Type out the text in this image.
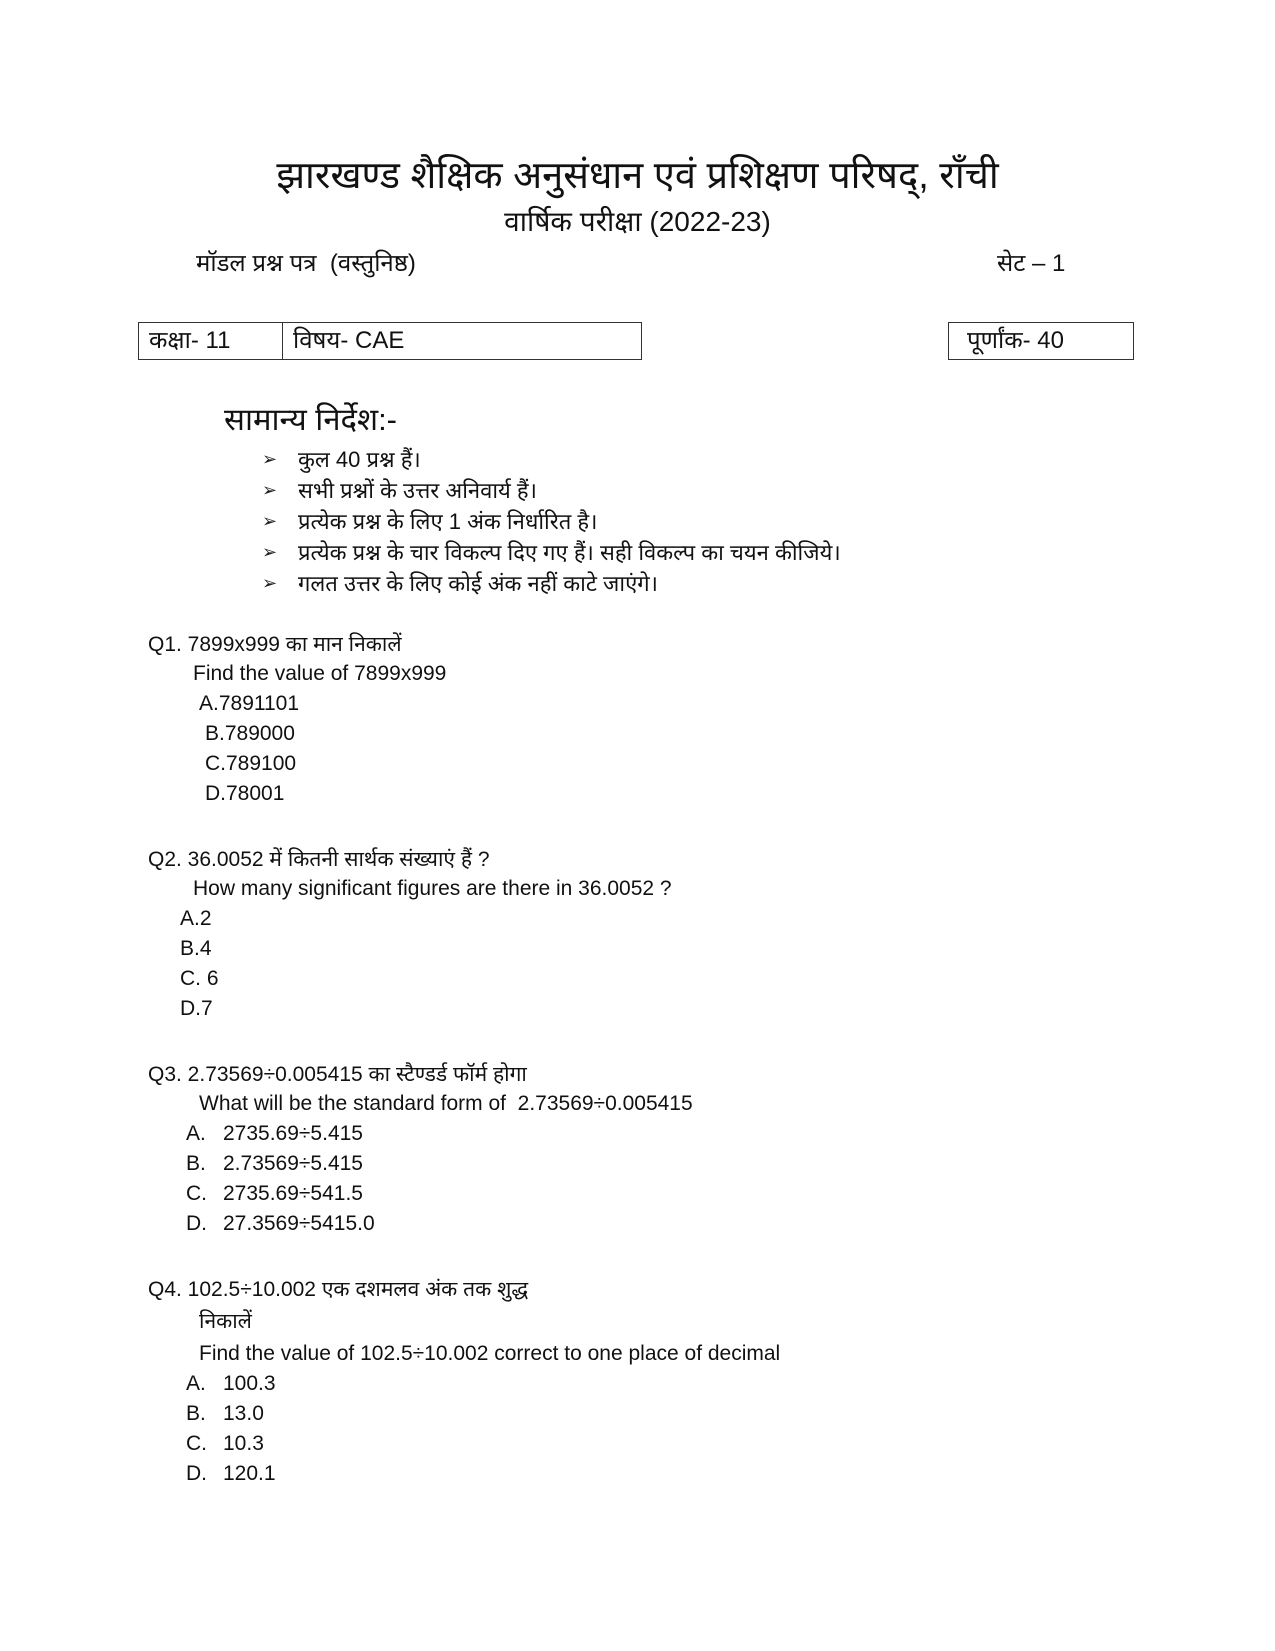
झारखण्ड शैक्षिक अनुसंधान एवं प्रशिक्षण परिषद्, राँची
वार्षिक परीक्षा (2022-23)
मॉडल प्रश्न पत्र  (वस्तुनिष्ठ)	सेट – 1
कक्षा- 11	विषय- CAE	पूर्णांक- 40
सामान्य निर्देश:-
➢ कुल 40 प्रश्न हैं।
➢ सभी प्रश्नों के उत्तर अनिवार्य हैं।
➢ प्रत्येक प्रश्न के लिए 1 अंक निर्धारित है।
➢ प्रत्येक प्रश्न के चार विकल्प दिए गए हैं। सही विकल्प का चयन कीजिये।
➢ गलत उत्तर के लिए कोई अंक नहीं काटे जाएंगे।
Q1. 7899x999 का मान निकालें
Find the value of 7899x999
A.7891101
B.789000
C.789100
D.78001
Q2. 36.0052 में कितनी सार्थक संख्याएं हैं ?
How many significant figures are there in 36.0052 ?
A.2
B.4
C. 6
D.7
Q3. 2.73569÷0.005415 का स्टैण्डर्ड फॉर्म होगा
What will be the standard form of  2.73569÷0.005415
A. 2735.69÷5.415
B. 2.73569÷5.415
C. 2735.69÷541.5
D. 27.3569÷5415.0
Q4. 102.5÷10.002 एक दशमलव अंक तक शुद्ध
निकालें
Find the value of 102.5÷10.002 correct to one place of decimal
A. 100.3
B. 13.0
C. 10.3
D. 120.1
